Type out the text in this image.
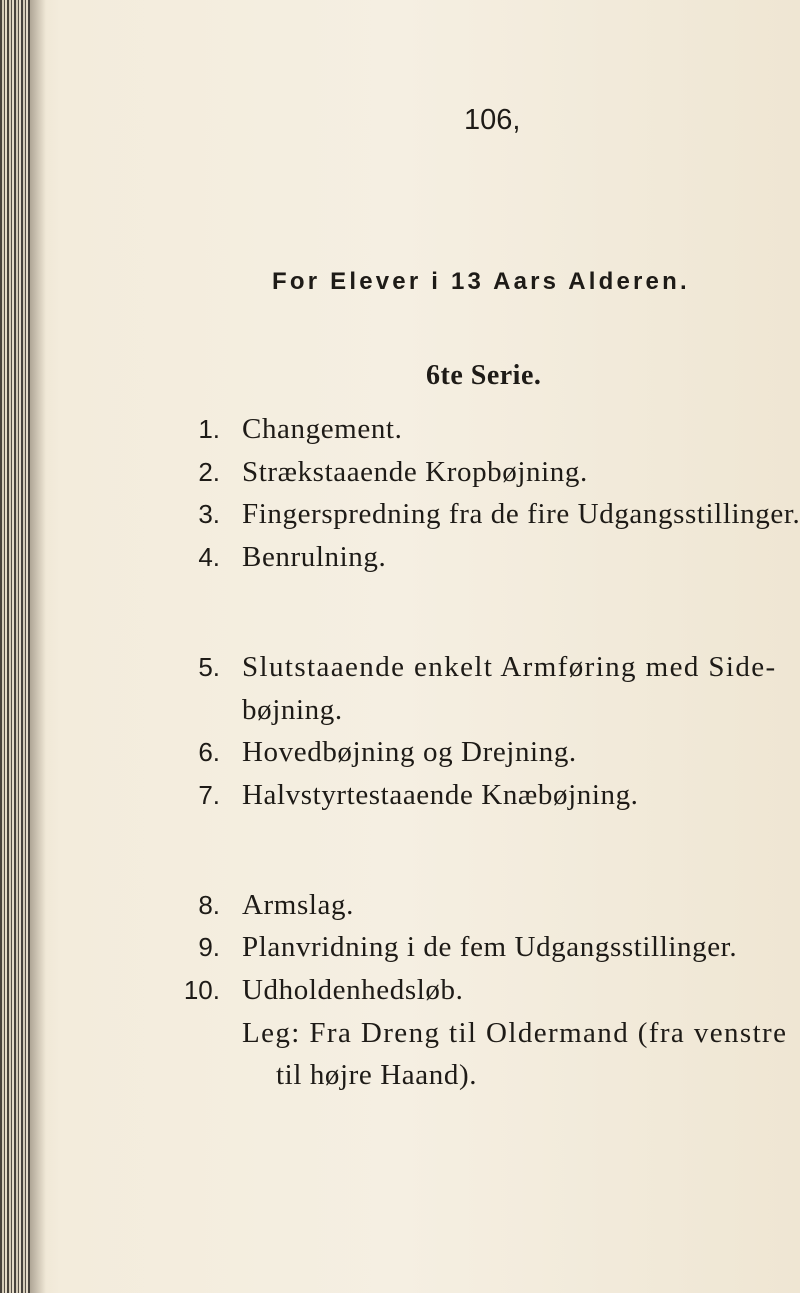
106,
For Elever i 13 Aars Alderen.
6te Serie.
1. Changement.
2. Strækstaaende Kropbøjning.
3. Fingerspredning fra de fire Udgangsstillinger.
4. Benrulning.
5. Slutstaaende enkelt Armføring med Side-
bøjning.
6. Hovedbøjning og Drejning.
7. Halvstyrtestaaende Knæbøjning.
8. Armslag.
9. Planvridning i de fem Udgangsstillinger.
10. Udholdenhedsløb.
Leg: Fra Dreng til Oldermand (fra venstre
til højre Haand).
